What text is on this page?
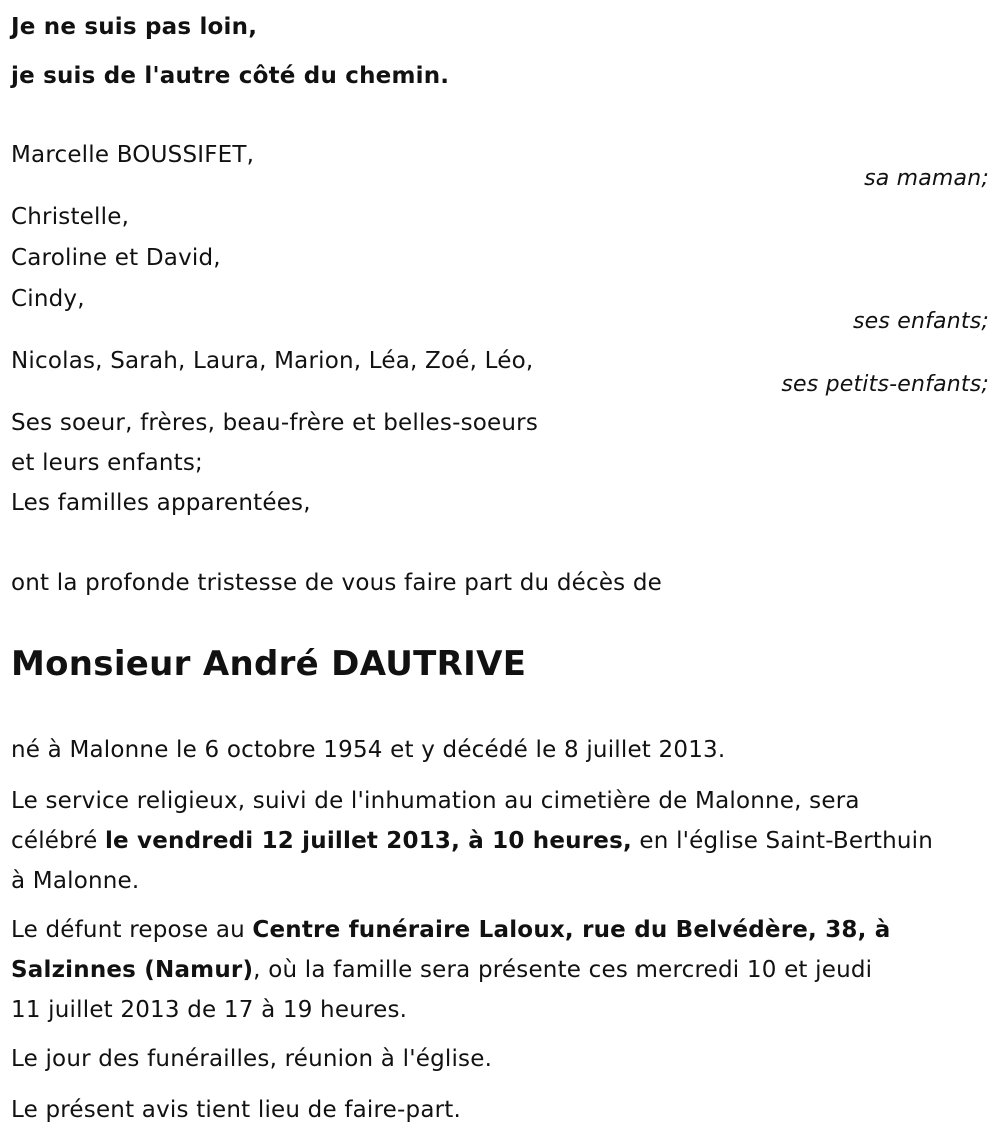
Je ne suis pas loin,
je suis de l'autre côté du chemin.
Marcelle BOUSSIFET,
sa maman;
Christelle,
Caroline et David,
Cindy,
ses enfants;
Nicolas, Sarah, Laura, Marion, Léa, Zoé, Léo,
ses petits-enfants;
Ses soeur, frères, beau-frère et belles-soeurs
et leurs enfants;
Les familles apparentées,
ont la profonde tristesse de vous faire part du décès de
Monsieur André DAUTRIVE
né à Malonne le 6 octobre 1954 et y décédé le 8 juillet 2013.
Le service religieux, suivi de l'inhumation au cimetière de Malonne, sera
célébré le vendredi 12 juillet 2013, à 10 heures, en l'église Saint-Berthuin
à Malonne.
Le défunt repose au Centre funéraire Laloux, rue du Belvédère, 38, à
Salzinnes (Namur), où la famille sera présente ces mercredi 10 et jeudi
11 juillet 2013 de 17 à 19 heures.
Le jour des funérailles, réunion à l'église.
Le présent avis tient lieu de faire-part.
